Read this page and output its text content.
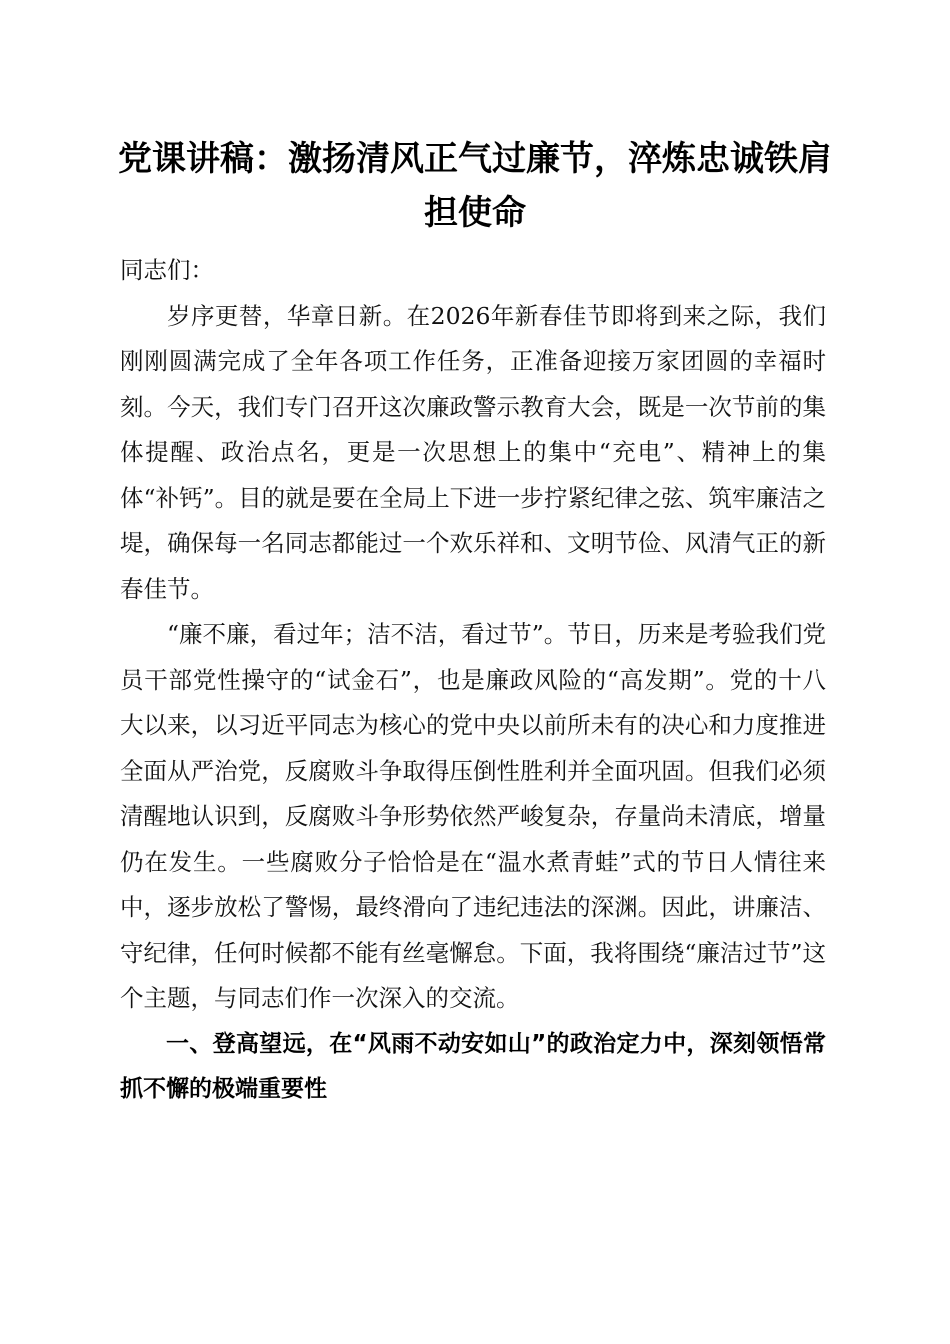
党课讲稿：激扬清风正气过廉节，淬炼忠诚铁肩担使命

同志们：

岁序更替，华章日新。在2026年新春佳节即将到来之际，我们刚刚圆满完成了全年各项工作任务，正准备迎接万家团圆的幸福时刻。今天，我们专门召开这次廉政警示教育大会，既是一次节前的集体提醒、政治点名，更是一次思想上的集中“充电”、精神上的集体“补钙”。目的就是要在全局上下进一步拧紧纪律之弦、筑牢廉洁之堤，确保每一名同志都能过一个欢乐祥和、文明节俭、风清气正的新春佳节。

“廉不廉，看过年；洁不洁，看过节”。节日，历来是考验我们党员干部党性操守的“试金石”，也是廉政风险的“高发期”。党的十八大以来，以习近平同志为核心的党中央以前所未有的决心和力度推进全面从严治党，反腐败斗争取得压倒性胜利并全面巩固。但我们必须清醒地认识到，反腐败斗争形势依然严峻复杂，存量尚未清底，增量仍在发生。一些腐败分子恰恰是在“温水煮青蛙”式的节日人情往来中，逐步放松了警惕，最终滑向了违纪违法的深渊。因此，讲廉洁、守纪律，任何时候都不能有丝毫懈怠。下面，我将围绕“廉洁过节”这个主题，与同志们作一次深入的交流。

一、登高望远，在“风雨不动安如山”的政治定力中，深刻领悟常抓不懈的极端重要性
